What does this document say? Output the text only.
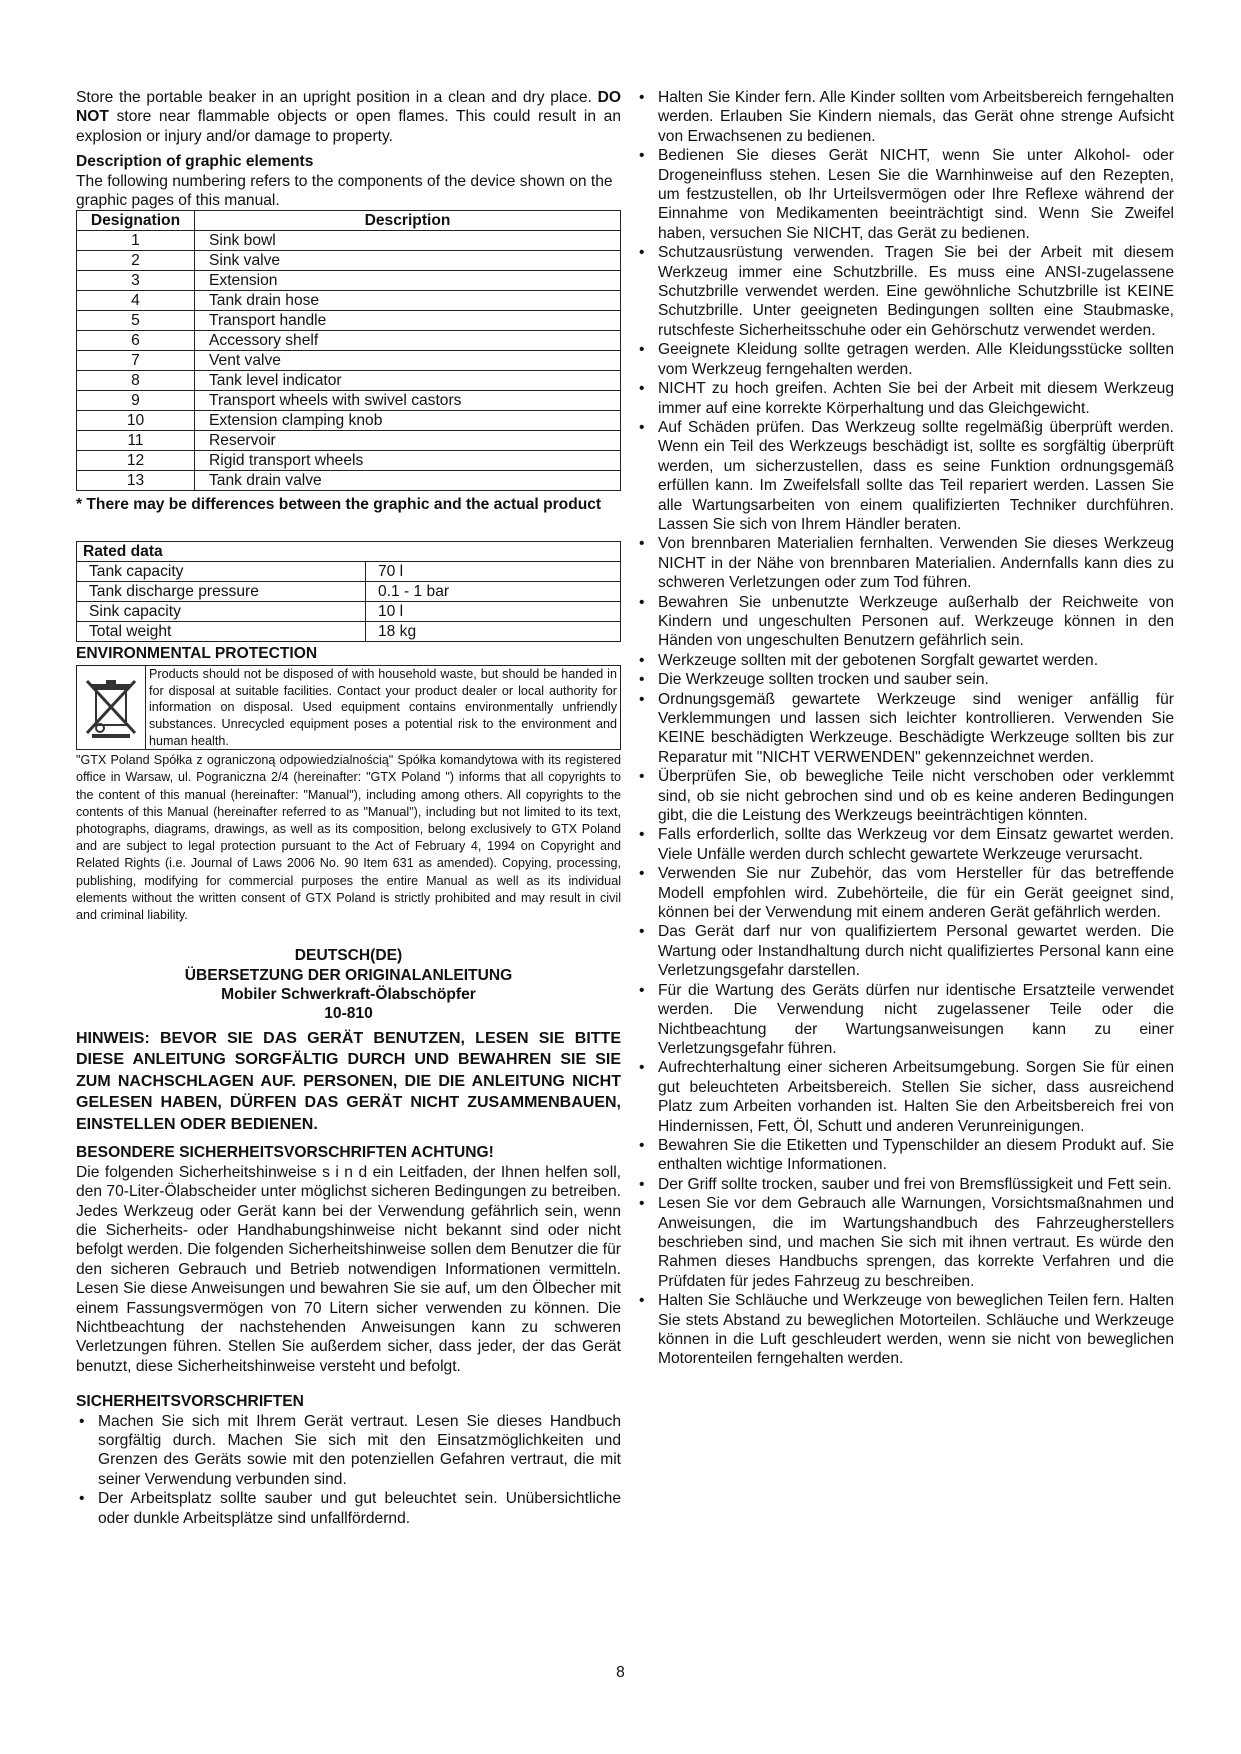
Store the portable beaker in an upright position in a clean and dry place. DO NOT store near flammable objects or open flames. This could result in an explosion or injury and/or damage to property.

Description of graphic elements

The following numbering refers to the components of the device shown on the graphic pages of this manual.

Designation	Description
1	Sink bowl
2	Sink valve
3	Extension
4	Tank drain hose
5	Transport handle
6	Accessory shelf
7	Vent valve
8	Tank level indicator
9	Transport wheels with swivel castors
10	Extension clamping knob
11	Reservoir
12	Rigid transport wheels
13	Tank drain valve

* There may be differences between the graphic and the actual product

Rated data	
Tank capacity	70 l
Tank discharge pressure	0.1 - 1 bar
Sink capacity	10 l
Total weight	18 kg

ENVIRONMENTAL PROTECTION

Products should not be disposed of with household waste, but should be handed in for disposal at suitable facilities. Contact your product dealer or local authority for information on disposal. Used equipment contains environmentally unfriendly substances. Unrecycled equipment poses a potential risk to the environment and human health.

"GTX Poland Spółka z ograniczoną odpowiedzialnością" Spółka komandytowa with its registered office in Warsaw, ul. Pograniczna 2/4 (hereinafter: "GTX Poland ") informs that all copyrights to the content of this manual (hereinafter: "Manual"), including among others. All copyrights to the contents of this Manual (hereinafter referred to as "Manual"), including but not limited to its text, photographs, diagrams, drawings, as well as its composition, belong exclusively to GTX Poland and are subject to legal protection pursuant to the Act of February 4, 1994 on Copyright and Related Rights (i.e. Journal of Laws 2006 No. 90 Item 631 as amended). Copying, processing, publishing, modifying for commercial purposes the entire Manual as well as its individual elements without the written consent of GTX Poland is strictly prohibited and may result in civil and criminal liability.

DEUTSCH(DE)

ÜBERSETZUNG DER ORIGINALANLEITUNG

Mobiler Schwerkraft-Ölabschöpfer

10-810

HINWEIS: BEVOR SIE DAS GERÄT BENUTZEN, LESEN SIE BITTE DIESE ANLEITUNG SORGFÄLTIG DURCH UND BEWAHREN SIE SIE ZUM NACHSCHLAGEN AUF. PERSONEN, DIE DIE ANLEITUNG NICHT GELESEN HABEN, DÜRFEN DAS GERÄT NICHT ZUSAMMENBAUEN, EINSTELLEN ODER BEDIENEN.

BESONDERE SICHERHEITSVORSCHRIFTEN ACHTUNG!

Die folgenden Sicherheitshinweise s i n d ein Leitfaden, der Ihnen helfen soll, den 70-Liter-Ölabscheider unter möglichst sicheren Bedingungen zu betreiben. Jedes Werkzeug oder Gerät kann bei der Verwendung gefährlich sein, wenn die Sicherheits- oder Handhabungshinweise nicht bekannt sind oder nicht befolgt werden. Die folgenden Sicherheitshinweise sollen dem Benutzer die für den sicheren Gebrauch und Betrieb notwendigen Informationen vermitteln. Lesen Sie diese Anweisungen und bewahren Sie sie auf, um den Ölbecher mit einem Fassungsvermögen von 70 Litern sicher verwenden zu können. Die Nichtbeachtung der nachstehenden Anweisungen kann zu schweren Verletzungen führen. Stellen Sie außerdem sicher, dass jeder, der das Gerät benutzt, diese Sicherheitshinweise versteht und befolgt.

SICHERHEITSVORSCHRIFTEN

• Machen Sie sich mit Ihrem Gerät vertraut. Lesen Sie dieses Handbuch sorgfältig durch. Machen Sie sich mit den Einsatzmöglichkeiten und Grenzen des Geräts sowie mit den potenziellen Gefahren vertraut, die mit seiner Verwendung verbunden sind.
• Der Arbeitsplatz sollte sauber und gut beleuchtet sein. Unübersichtliche oder dunkle Arbeitsplätze sind unfallfördernd.
• Halten Sie Kinder fern. Alle Kinder sollten vom Arbeitsbereich ferngehalten werden. Erlauben Sie Kindern niemals, das Gerät ohne strenge Aufsicht von Erwachsenen zu bedienen.
• Bedienen Sie dieses Gerät NICHT, wenn Sie unter Alkohol- oder Drogeneinfluss stehen. Lesen Sie die Warnhinweise auf den Rezepten, um festzustellen, ob Ihr Urteilsvermögen oder Ihre Reflexe während der Einnahme von Medikamenten beeinträchtigt sind. Wenn Sie Zweifel haben, versuchen Sie NICHT, das Gerät zu bedienen.
• Schutzausrüstung verwenden. Tragen Sie bei der Arbeit mit diesem Werkzeug immer eine Schutzbrille. Es muss eine ANSI-zugelassene Schutzbrille verwendet werden. Eine gewöhnliche Schutzbrille ist KEINE Schutzbrille. Unter geeigneten Bedingungen sollten eine Staubmaske, rutschfeste Sicherheitsschuhe oder ein Gehörschutz verwendet werden.
• Geeignete Kleidung sollte getragen werden. Alle Kleidungsstücke sollten vom Werkzeug ferngehalten werden.
• NICHT zu hoch greifen. Achten Sie bei der Arbeit mit diesem Werkzeug immer auf eine korrekte Körperhaltung und das Gleichgewicht.
• Auf Schäden prüfen. Das Werkzeug sollte regelmäßig überprüft werden. Wenn ein Teil des Werkzeugs beschädigt ist, sollte es sorgfältig überprüft werden, um sicherzustellen, dass es seine Funktion ordnungsgemäß erfüllen kann. Im Zweifelsfall sollte das Teil repariert werden. Lassen Sie alle Wartungsarbeiten von einem qualifizierten Techniker durchführen. Lassen Sie sich von Ihrem Händler beraten.
• Von brennbaren Materialien fernhalten. Verwenden Sie dieses Werkzeug NICHT in der Nähe von brennbaren Materialien. Andernfalls kann dies zu schweren Verletzungen oder zum Tod führen.
• Bewahren Sie unbenutzte Werkzeuge außerhalb der Reichweite von Kindern und ungeschulten Personen auf. Werkzeuge können in den Händen von ungeschulten Benutzern gefährlich sein.
• Werkzeuge sollten mit der gebotenen Sorgfalt gewartet werden.
• Die Werkzeuge sollten trocken und sauber sein.
• Ordnungsgemäß gewartete Werkzeuge sind weniger anfällig für Verklemmungen und lassen sich leichter kontrollieren. Verwenden Sie KEINE beschädigten Werkzeuge. Beschädigte Werkzeuge sollten bis zur Reparatur mit "NICHT VERWENDEN" gekennzeichnet werden.
• Überprüfen Sie, ob bewegliche Teile nicht verschoben oder verklemmt sind, ob sie nicht gebrochen sind und ob es keine anderen Bedingungen gibt, die die Leistung des Werkzeugs beeinträchtigen könnten.
• Falls erforderlich, sollte das Werkzeug vor dem Einsatz gewartet werden. Viele Unfälle werden durch schlecht gewartete Werkzeuge verursacht.
• Verwenden Sie nur Zubehör, das vom Hersteller für das betreffende Modell empfohlen wird. Zubehörteile, die für ein Gerät geeignet sind, können bei der Verwendung mit einem anderen Gerät gefährlich werden.
• Das Gerät darf nur von qualifiziertem Personal gewartet werden. Die Wartung oder Instandhaltung durch nicht qualifiziertes Personal kann eine Verletzungsgefahr darstellen.
• Für die Wartung des Geräts dürfen nur identische Ersatzteile verwendet werden. Die Verwendung nicht zugelassener Teile oder die Nichtbeachtung der Wartungsanweisungen kann zu einer Verletzungsgefahr führen.
• Aufrechterhaltung einer sicheren Arbeitsumgebung. Sorgen Sie für einen gut beleuchteten Arbeitsbereich. Stellen Sie sicher, dass ausreichend Platz zum Arbeiten vorhanden ist. Halten Sie den Arbeitsbereich frei von Hindernissen, Fett, Öl, Schutt und anderen Verunreinigungen.
• Bewahren Sie die Etiketten und Typenschilder an diesem Produkt auf. Sie enthalten wichtige Informationen.
• Der Griff sollte trocken, sauber und frei von Bremsflüssigkeit und Fett sein.
• Lesen Sie vor dem Gebrauch alle Warnungen, Vorsichtsmaßnahmen und Anweisungen, die im Wartungshandbuch des Fahrzeugherstellers beschrieben sind, und machen Sie sich mit ihnen vertraut. Es würde den Rahmen dieses Handbuchs sprengen, das korrekte Verfahren und die Prüfdaten für jedes Fahrzeug zu beschreiben.
• Halten Sie Schläuche und Werkzeuge von beweglichen Teilen fern. Halten Sie stets Abstand zu beweglichen Motorteilen. Schläuche und Werkzeuge können in die Luft geschleudert werden, wenn sie nicht von beweglichen Motorenteilen ferngehalten werden.
8
